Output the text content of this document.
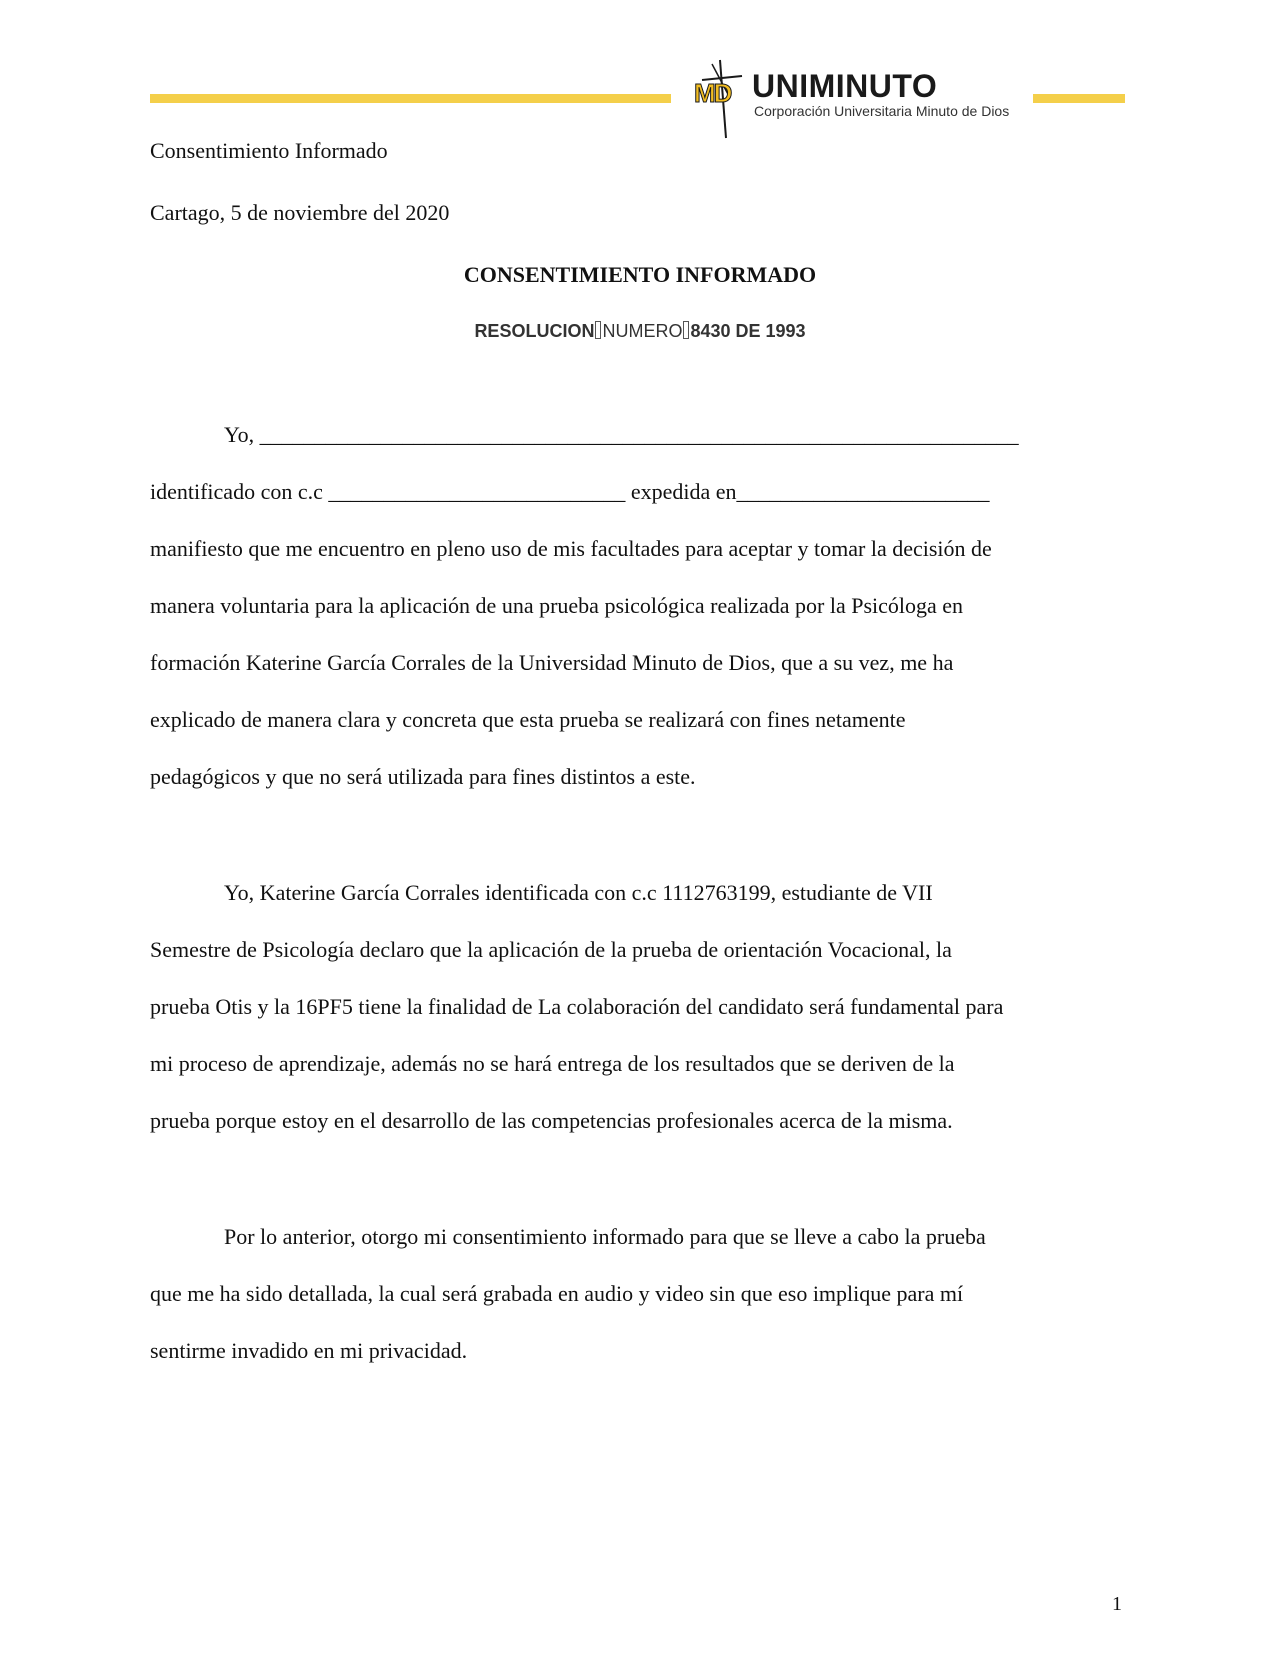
MD UNIMINUTO
Corporación Universitaria Minuto de Dios
Consentimiento Informado
Cartago, 5 de noviembre del 2020
CONSENTIMIENTO INFORMADO
RESOLUCION NUMERO 8430 DE 1993
Yo, _____________________________________________________________________
identificado con c.c ___________________________ expedida en_______________________
manifiesto que me encuentro en pleno uso de mis facultades para aceptar y tomar la decisión de
manera voluntaria para la aplicación de una prueba psicológica realizada por la Psicóloga en
formación Katerine García Corrales de la Universidad Minuto de Dios, que a su vez, me ha
explicado de manera clara y concreta que esta prueba se realizará con fines netamente
pedagógicos y que no será utilizada para fines distintos a este.
Yo, Katerine García Corrales identificada con c.c 1112763199, estudiante de VII
Semestre de Psicología declaro que la aplicación de la prueba de orientación Vocacional, la
prueba Otis y la 16PF5 tiene la finalidad de La colaboración del candidato será fundamental para
mi proceso de aprendizaje, además no se hará entrega de los resultados que se deriven de la
prueba porque estoy en el desarrollo de las competencias profesionales acerca de la misma.
Por lo anterior, otorgo mi consentimiento informado para que se lleve a cabo la prueba
que me ha sido detallada, la cual será grabada en audio y video sin que eso implique para mí
sentirme invadido en mi privacidad.
1
